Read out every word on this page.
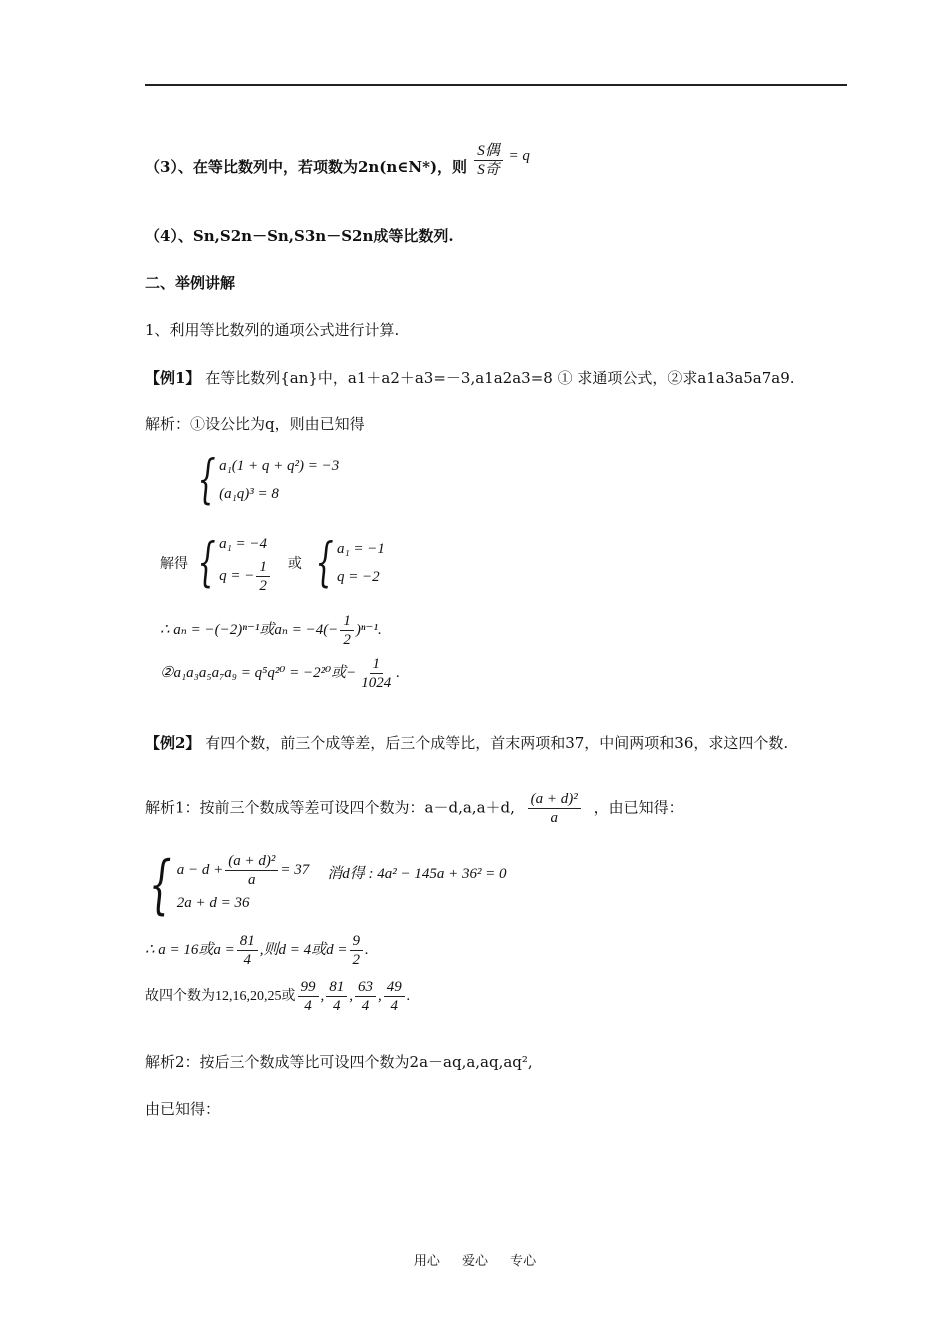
（3）、在等比数列中，若项数为2n(n∈N*)，则 $\frac{\text{S偶}}{\text{S奇}} = q$
（4）、Sn,S2n－Sn,S3n－S2n成等比数列.
二、举例讲解
1、利用等比数列的通项公式进行计算.
【例1】 在等比数列{an}中，a1＋a2＋a3=－3,a1a2a3=8 ① 求通项公式，②求a1a3a5a7a9.
解析：①设公比为q，则由已知得
{ a₁(1 + q + q²) = −3
(a₁q)³ = 8
解得 { a₁ = −4
q = − $\frac{1}{2}$ 或 { a₁ = −1
q = −2
∴ aₙ = −(−2)ⁿ⁻¹或$a_n = -4(- \frac{1}{2} )^{n-1}$.
②a₁a₃a₅a₇a₉ = q⁵q²⁰ = −2²⁰或− $\frac{1}{1024}$ .
【例2】 有四个数，前三个成等差，后三个成等比，首末两项和37，中间两项和36，求这四个数.
解析1：按前三个数成等差可设四个数为：a－d,a,a＋d, $\frac{\text{(a + d)²}}{a}$ ，由已知得：
{ $a - d + \frac{\text{(a + d)²}}{a} = 37$
2a + d = 36
消d得 : 4a² − 145a + 36² = 0
∴ a = 16或$a = \frac{81}{4}$ ,则d = 4或$d = \frac{9}{2}$ .
故四个数为12,16,20,25或 $\frac{99}{4}$ , $\frac{81}{4}$ , $\frac{63}{4}$ , $\frac{49}{4}$ .
解析2：按后三个数成等比可设四个数为2a－aq,a,aq,aq²,
由已知得：
用心 爱心 专心
